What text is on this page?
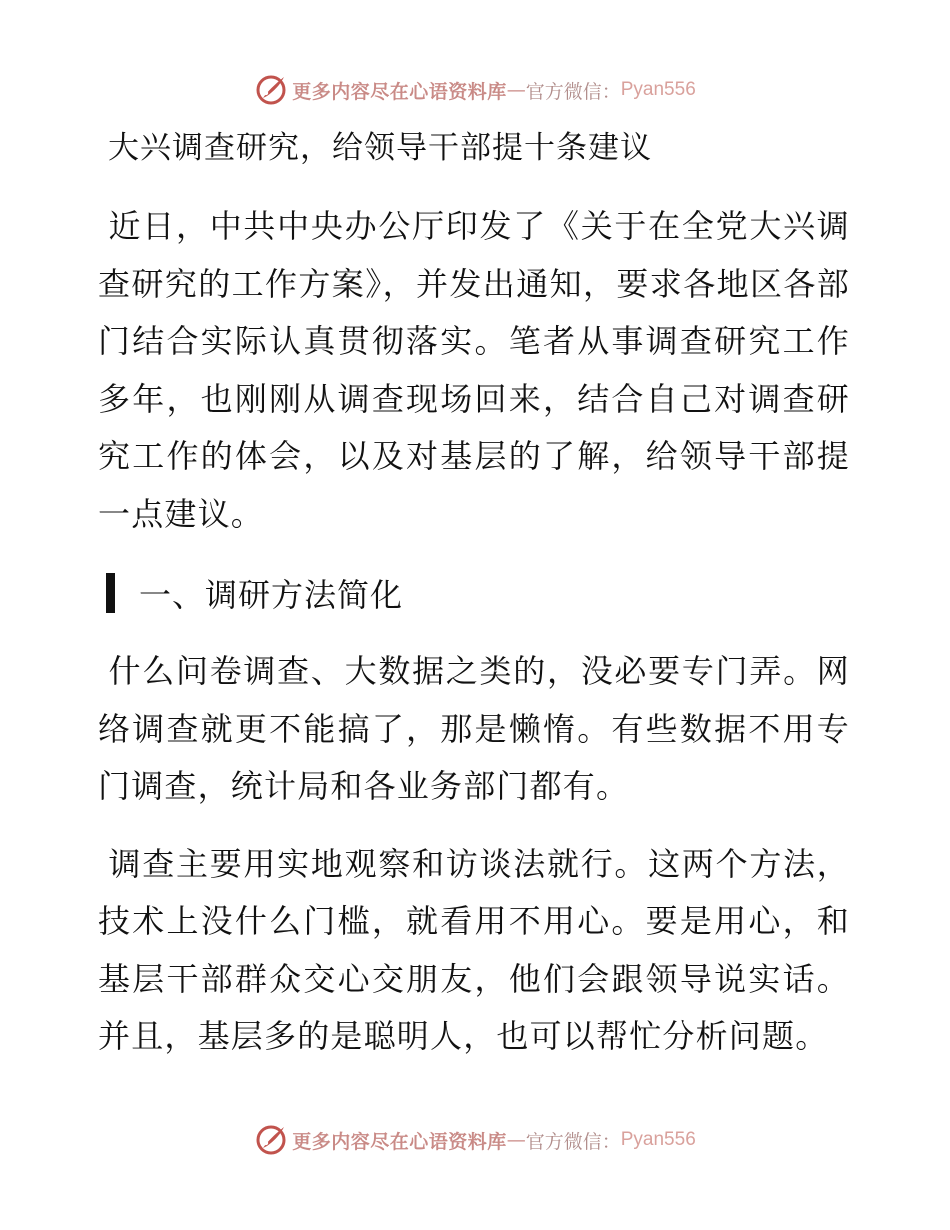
更多内容尽在心语资料库 — 官方微信： Pyan556
大兴调查研究，给领导干部提十条建议

近日，中共中央办公厅印发了《关于在全党大兴调查研究的工作方案》，并发出通知，要求各地区各部门结合实际认真贯彻落实。笔者从事调查研究工作多年，也刚刚从调查现场回来，结合自己对调查研究工作的体会，以及对基层的了解，给领导干部提一点建议。

一、调研方法简化

什么问卷调查、大数据之类的，没必要专门弄。网络调查就更不能搞了，那是懒惰。有些数据不用专门调查，统计局和各业务部门都有。

调查主要用实地观察和访谈法就行。这两个方法，技术上没什么门槛，就看用不用心。要是用心，和基层干部群众交心交朋友，他们会跟领导说实话。并且，基层多的是聪明人，也可以帮忙分析问题。

更多内容尽在心语资料库 — 官方微信： Pyan556
